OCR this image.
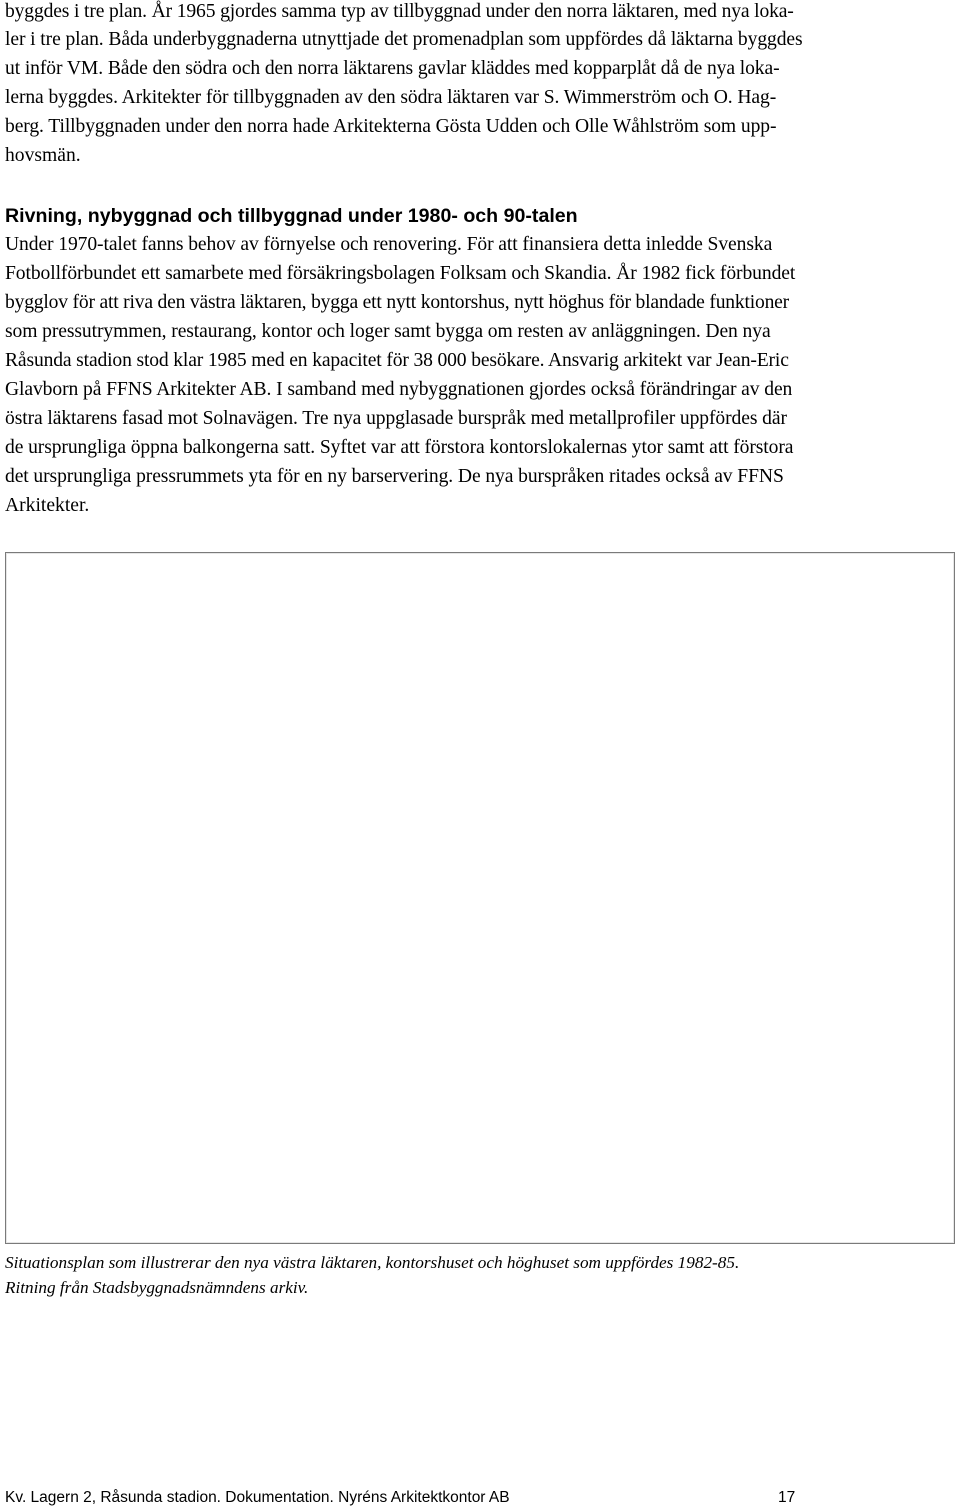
byggdes i tre plan. År 1965 gjordes samma typ av tillbyggnad under den norra läktaren, med nya loka-

ler i tre plan. Båda underbyggnaderna utnyttjade det promenadplan som uppfördes då läktarna byggdes

ut inför VM. Både den södra och den norra läktarens gavlar kläddes med kopparplåt då de nya loka-

lerna byggdes. Arkitekter för tillbyggnaden av den södra läktaren var S. Wimmerström och O. Hag-

berg. Tillbyggnaden under den norra hade Arkitekterna Gösta Udden och Olle Wåhlström som upp-

hovsmän.

Rivning, nybyggnad och tillbyggnad under 1980- och 90-talen

Under 1970-talet fanns behov av förnyelse och renovering. För att finansiera detta inledde Svenska

Fotbollförbundet ett samarbete med försäkringsbolagen Folksam och Skandia. År 1982 fick förbundet

bygglov för att riva den västra läktaren, bygga ett nytt kontorshus, nytt höghus för blandade funktioner

som pressutrymmen, restaurang, kontor och loger samt bygga om resten av anläggningen. Den nya

Råsunda stadion stod klar 1985 med en kapacitet för 38 000 besökare. Ansvarig arkitekt var Jean-Eric

Glavborn på FFNS Arkitekter AB. I samband med nybyggnationen gjordes också förändringar av den

östra läktarens fasad mot Solnavägen. Tre nya uppglasade burspråk med metallprofiler uppfördes där

de ursprungliga öppna balkongerna satt. Syftet var att förstora kontorslokalernas ytor samt att förstora

det ursprungliga pressrummets yta för en ny barservering. De nya burspråken ritades också av FFNS

Arkitekter.

Situationsplan som illustrerar den nya västra läktaren, kontorshuset och höghuset som uppfördes 1982-85.

Ritning från Stadsbyggnadsnämndens arkiv.

Kv. Lagern 2, Råsunda stadion. Dokumentation. Nyréns Arkitektkontor AB	17
